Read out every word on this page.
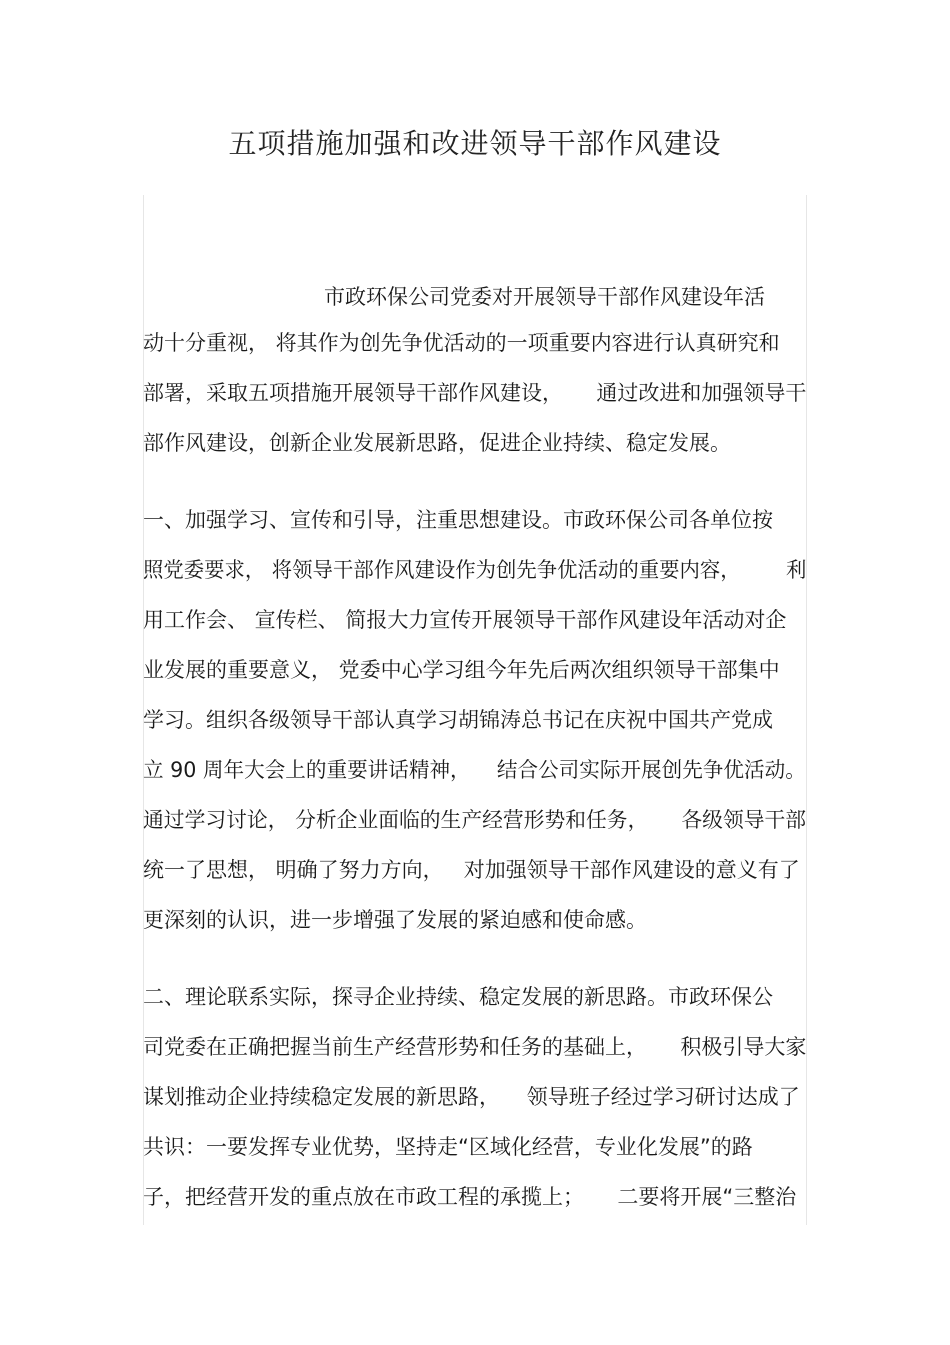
五项措施加强和改进领导干部作风建设
市政环保公司党委对开展领导干部作风建设年活
动十分重视， 将其作为创先争优活动的一项重要内容进行认真研究和
部署，采取五项措施开展领导干部作风建设，     通过改进和加强领导干
部作风建设，创新企业发展新思路，促进企业持续、稳定发展。
一、加强学习、宣传和引导，注重思想建设。市政环保公司各单位按
照党委要求， 将领导干部作风建设作为创先争优活动的重要内容，       利
用工作会、 宣传栏、 简报大力宣传开展领导干部作风建设年活动对企
业发展的重要意义， 党委中心学习组今年先后两次组织领导干部集中
学习。组织各级领导干部认真学习胡锦涛总书记在庆祝中国共产党成
立 90 周年大会上的重要讲话精神，    结合公司实际开展创先争优活动。
通过学习讨论， 分析企业面临的生产经营形势和任务，     各级领导干部
统一了思想， 明确了努力方向，   对加强领导干部作风建设的意义有了
更深刻的认识，进一步增强了发展的紧迫感和使命感。
二、理论联系实际，探寻企业持续、稳定发展的新思路。市政环保公
司党委在正确把握当前生产经营形势和任务的基础上，     积极引导大家
谋划推动企业持续稳定发展的新思路，    领导班子经过学习研讨达成了
共识：一要发挥专业优势，坚持走“区域化经营，专业化发展”的路
子，把经营开发的重点放在市政工程的承揽上；     二要将开展“三整治
